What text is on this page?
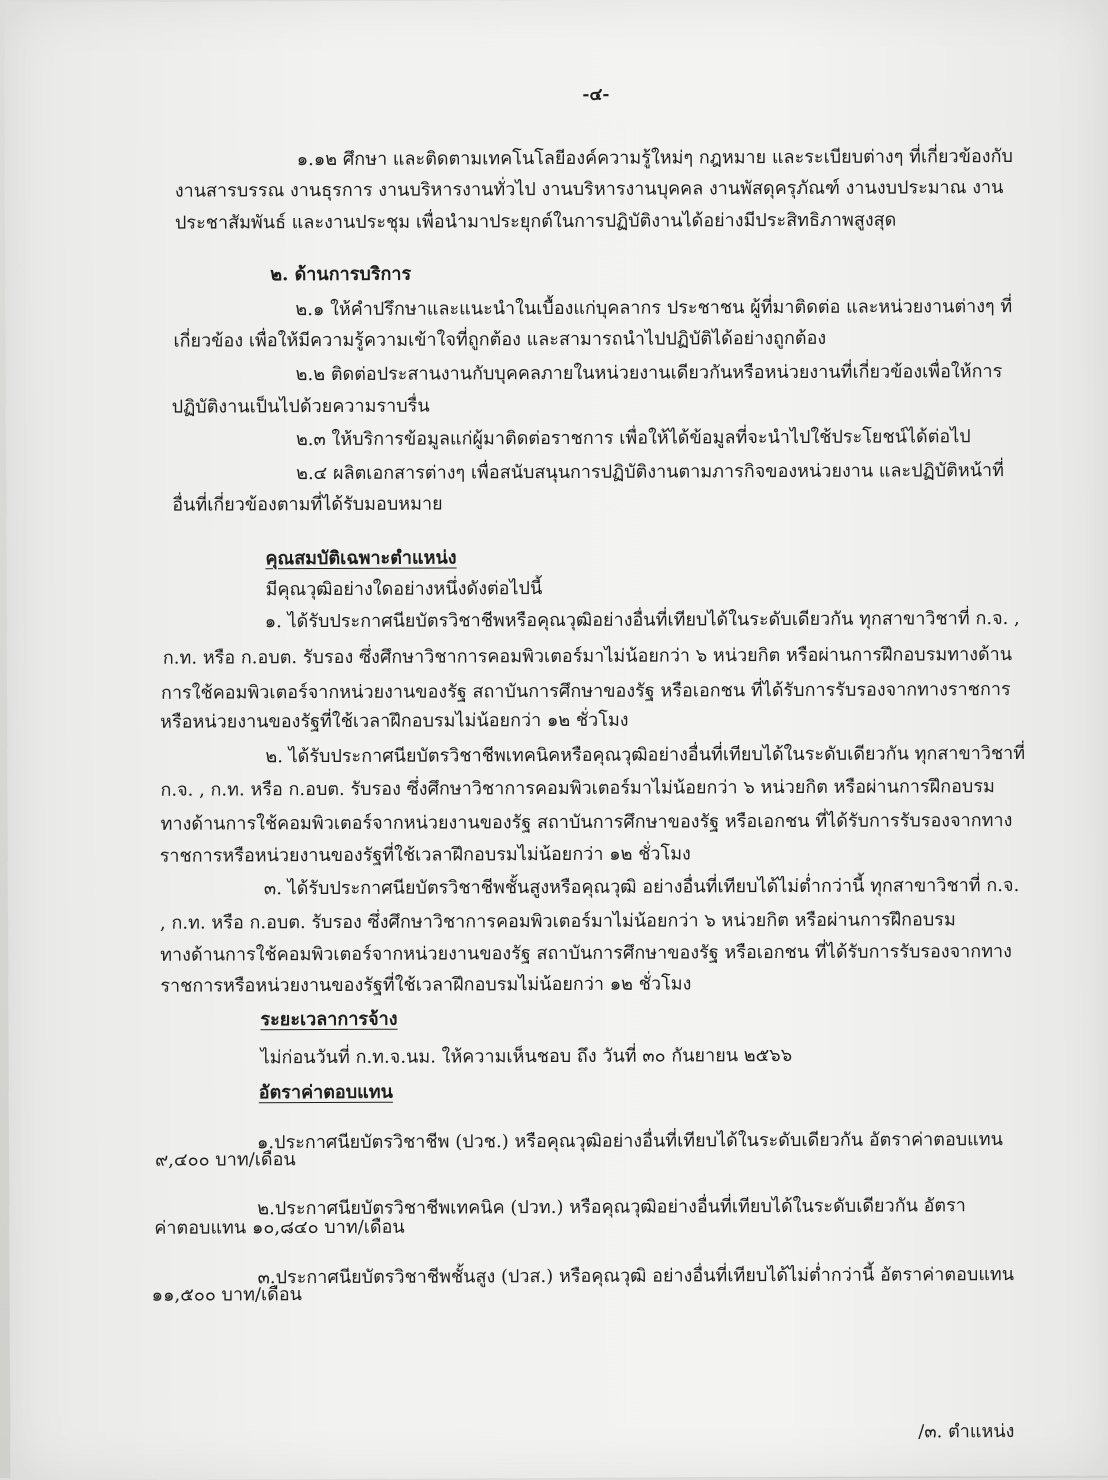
-๔-
๑.๑๒ ศึกษา และติดตามเทคโนโลยีองค์ความรู้ใหม่ๆ กฎหมาย และระเบียบต่างๆ ที่เกี่ยวข้องกับ
งานสารบรรณ งานธุรการ งานบริหารงานทั่วไป งานบริหารงานบุคคล งานพัสดุครุภัณฑ์ งานงบประมาณ งาน
ประชาสัมพันธ์ และงานประชุม เพื่อนำมาประยุกต์ในการปฏิบัติงานได้อย่างมีประสิทธิภาพสูงสุด
๒. ด้านการบริการ
๒.๑ ให้คำปรึกษาและแนะนำในเบื้องแก่บุคลากร ประชาชน ผู้ที่มาติดต่อ และหน่วยงานต่างๆ ที่
เกี่ยวข้อง เพื่อให้มีความรู้ความเข้าใจที่ถูกต้อง และสามารถนำไปปฏิบัติได้อย่างถูกต้อง
๒.๒ ติดต่อประสานงานกับบุคคลภายในหน่วยงานเดียวกันหรือหน่วยงานที่เกี่ยวข้องเพื่อให้การ
ปฏิบัติงานเป็นไปด้วยความราบรื่น
๒.๓ ให้บริการข้อมูลแก่ผู้มาติดต่อราชการ เพื่อให้ได้ข้อมูลที่จะนำไปใช้ประโยชน์ได้ต่อไป
๒.๔ ผลิตเอกสารต่างๆ เพื่อสนับสนุนการปฏิบัติงานตามภารกิจของหน่วยงาน และปฏิบัติหน้าที่
อื่นที่เกี่ยวข้องตามที่ได้รับมอบหมาย
คุณสมบัติเฉพาะตำแหน่ง
มีคุณวุฒิอย่างใดอย่างหนึ่งดังต่อไปนี้
๑. ได้รับประกาศนียบัตรวิชาชีพหรือคุณวุฒิอย่างอื่นที่เทียบได้ในระดับเดียวกัน ทุกสาขาวิชาที่ ก.จ. ,
ก.ท. หรือ ก.อบต. รับรอง ซึ่งศึกษาวิชาการคอมพิวเตอร์มาไม่น้อยกว่า ๖ หน่วยกิต หรือผ่านการฝึกอบรมทางด้าน
การใช้คอมพิวเตอร์จากหน่วยงานของรัฐ สถาบันการศึกษาของรัฐ หรือเอกชน ที่ได้รับการรับรองจากทางราชการ
หรือหน่วยงานของรัฐที่ใช้เวลาฝึกอบรมไม่น้อยกว่า ๑๒ ชั่วโมง
๒. ได้รับประกาศนียบัตรวิชาชีพเทคนิคหรือคุณวุฒิอย่างอื่นที่เทียบได้ในระดับเดียวกัน ทุกสาขาวิชาที่
ก.จ. , ก.ท. หรือ ก.อบต. รับรอง ซึ่งศึกษาวิชาการคอมพิวเตอร์มาไม่น้อยกว่า ๖ หน่วยกิต หรือผ่านการฝึกอบรม
ทางด้านการใช้คอมพิวเตอร์จากหน่วยงานของรัฐ สถาบันการศึกษาของรัฐ หรือเอกชน ที่ได้รับการรับรองจากทาง
ราชการหรือหน่วยงานของรัฐที่ใช้เวลาฝึกอบรมไม่น้อยกว่า ๑๒ ชั่วโมง
๓. ได้รับประกาศนียบัตรวิชาชีพชั้นสูงหรือคุณวุฒิ อย่างอื่นที่เทียบได้ไม่ต่ำกว่านี้ ทุกสาขาวิชาที่ ก.จ.
, ก.ท. หรือ ก.อบต. รับรอง ซึ่งศึกษาวิชาการคอมพิวเตอร์มาไม่น้อยกว่า ๖ หน่วยกิต หรือผ่านการฝึกอบรม
ทางด้านการใช้คอมพิวเตอร์จากหน่วยงานของรัฐ สถาบันการศึกษาของรัฐ หรือเอกชน ที่ได้รับการรับรองจากทาง
ราชการหรือหน่วยงานของรัฐที่ใช้เวลาฝึกอบรมไม่น้อยกว่า ๑๒ ชั่วโมง
ระยะเวลาการจ้าง
ไม่ก่อนวันที่ ก.ท.จ.นม. ให้ความเห็นชอบ ถึง วันที่ ๓๐ กันยายน ๒๕๖๖
อัตราค่าตอบแทน
๑.ประกาศนียบัตรวิชาชีพ (ปวช.) หรือคุณวุฒิอย่างอื่นที่เทียบได้ในระดับเดียวกัน อัตราค่าตอบแทน
๙,๔๐๐ บาท/เดือน
๒.ประกาศนียบัตรวิชาชีพเทคนิค (ปวท.) หรือคุณวุฒิอย่างอื่นที่เทียบได้ในระดับเดียวกัน อัตรา
ค่าตอบแทน ๑๐,๘๔๐ บาท/เดือน
๓.ประกาศนียบัตรวิชาชีพชั้นสูง (ปวส.) หรือคุณวุฒิ อย่างอื่นที่เทียบได้ไม่ต่ำกว่านี้ อัตราค่าตอบแทน
๑๑,๕๐๐ บาท/เดือน
/๓. ตำแหน่ง
